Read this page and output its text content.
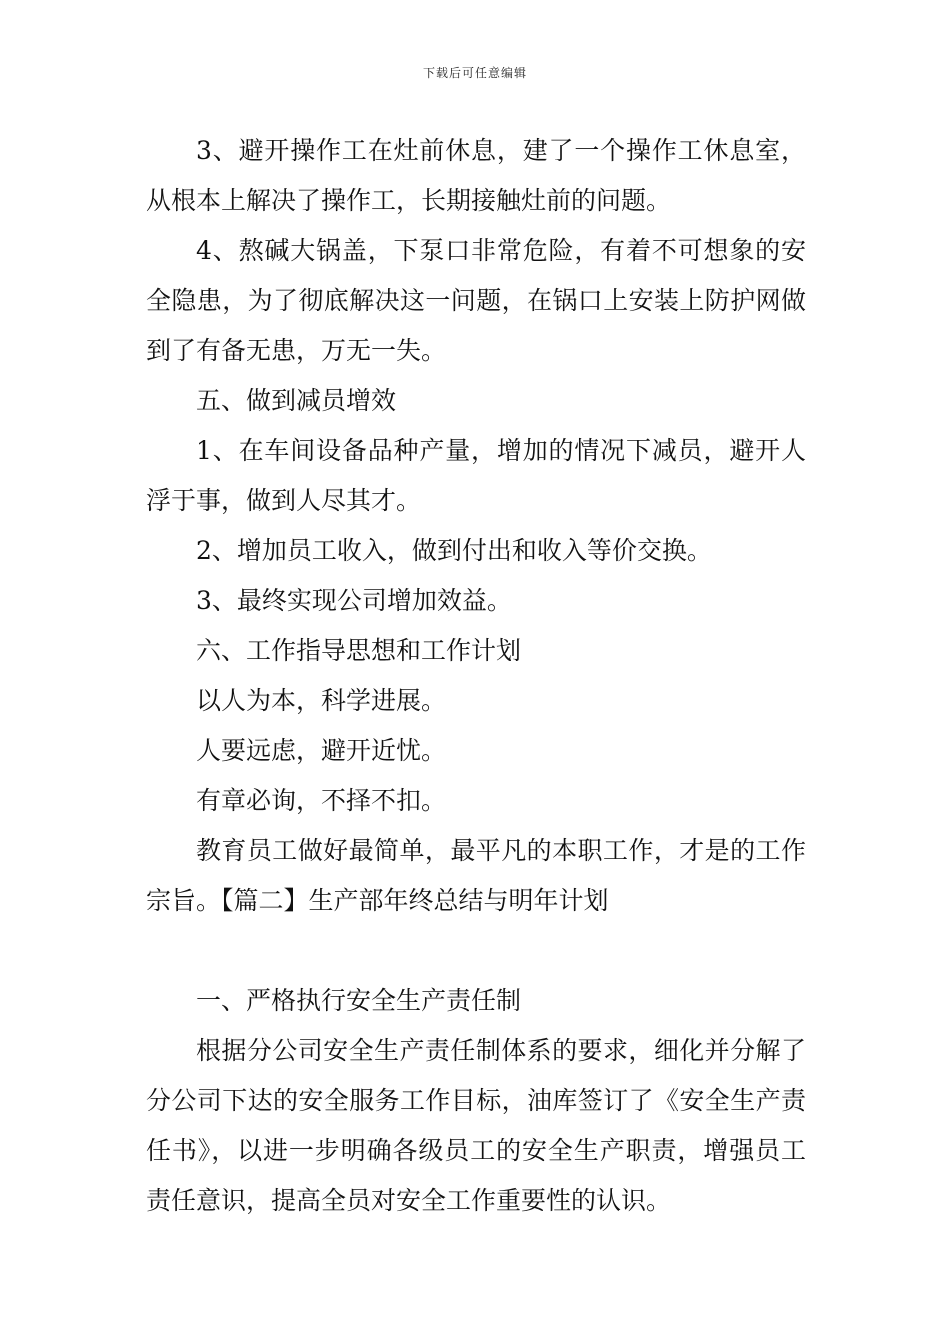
下载后可任意编辑

3、避开操作工在灶前休息，建了一个操作工休息室，从根本上解决了操作工，长期接触灶前的问题。

4、熬碱大锅盖，下泵口非常危险，有着不可想象的安全隐患，为了彻底解决这一问题，在锅口上安装上防护网做到了有备无患，万无一失。

五、做到减员增效

1、在车间设备品种产量，增加的情况下减员，避开人浮于事，做到人尽其才。

2、增加员工收入，做到付出和收入等价交换。

3、最终实现公司增加效益。

六、工作指导思想和工作计划

以人为本，科学进展。

人要远虑，避开近忧。

有章必询，不择不扣。

教育员工做好最简单，最平凡的本职工作，才是的工作宗旨。【篇二】生产部年终总结与明年计划

一、严格执行安全生产责任制

根据分公司安全生产责任制体系的要求，细化并分解了分公司下达的安全服务工作目标，油库签订了《安全生产责任书》，以进一步明确各级员工的安全生产职责，增强员工责任意识，提高全员对安全工作重要性的认识。
